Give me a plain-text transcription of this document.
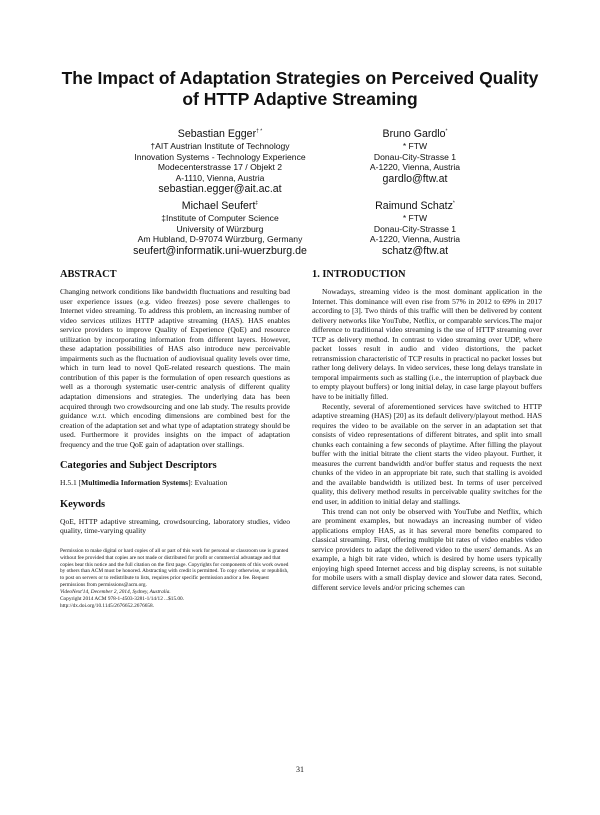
The Impact of Adaptation Strategies on Perceived Quality
of HTTP Adaptive Streaming
Sebastian Egger† *
†AIT Austrian Institute of Technology
Innovation Systems - Technology Experience
Modecenterstrasse 17 / Objekt 2
A-1110, Vienna, Austria
sebastian.egger@ait.ac.at
Bruno Gardlo*
* FTW
Donau-City-Strasse 1
A-1220, Vienna, Austria
gardlo@ftw.at
Michael Seufert‡
‡Institute of Computer Science
University of Würzburg
Am Hubland, D-97074 Würzburg, Germany
seufert@informatik.uni-wuerzburg.de
Raimund Schatz*
* FTW
Donau-City-Strasse 1
A-1220, Vienna, Austria
schatz@ftw.at
ABSTRACT

Changing network conditions like bandwidth fluctuations and resulting bad user experience issues (e.g. video freezes) pose severe challenges to Internet video streaming. To address this problem, an increasing number of video services utilizes HTTP adaptive streaming (HAS). HAS enables service providers to improve Quality of Experience (QoE) and resource utilization by incorporating information from different layers. However, these adaptation possibilities of HAS also introduce new perceivable impairments such as the fluctuation of audiovisual quality levels over time, which in turn lead to novel QoE-related research questions. The main contribution of this paper is the formulation of open research questions as well as a thorough systematic user-centric analysis of different quality adaptation dimensions and strategies. The underlying data has been acquired through two crowdsourcing and one lab study. The results provide guidance w.r.t. which encoding dimensions are combined best for the creation of the adaptation set and what type of adaptation strategy should be used. Furthermore it provides insights on the impact of adaptation frequency and the true QoE gain of adaptation over stallings.

Categories and Subject Descriptors

H.5.1 [Multimedia Information Systems]: Evaluation

Keywords

QoE, HTTP adaptive streaming, crowdsourcing, laboratory studies, video quality, time-varying quality

Permission to make digital or hard copies of all or part of this work for personal or classroom use is granted without fee provided that copies are not made or distributed for profit or commercial advantage and that copies bear this notice and the full citation on the first page. Copyrights for components of this work owned by others than ACM must be honored. Abstracting with credit is permitted. To copy otherwise, or republish, to post on servers or to redistribute to lists, requires prior specific permission and/or a fee. Request permissions from permissions@acm.org.
VideoNext'14, December 2, 2014, Sydney, Australia.
Copyright 2014 ACM 978-1-4503-3281-1/14/12 ...$15.00.
http://dx.doi.org/10.1145/2676652.2676658.
1. INTRODUCTION

Nowadays, streaming video is the most dominant application in the Internet. This dominance will even rise from 57% in 2012 to 69% in 2017 according to [3]. Two thirds of this traffic will then be delivered by content delivery networks like YouTube, Netflix, or comparable services.The major difference to traditional video streaming is the use of HTTP streaming over TCP as delivery method. In contrast to video streaming over UDP, where packet losses result in audio and video distortions, the packet retransmission characteristic of TCP results in practical no packet losses but rather long delivery delays. In video services, these long delays translate in temporal impairments such as stalling (i.e., the interruption of playback due to empty playout buffers) or long initial delay, in case large playout buffers have to be initially filled.

Recently, several of aforementioned services have switched to HTTP adaptive streaming (HAS) [20] as its default delivery/playout method. HAS requires the video to be available on the server in an adaptation set that consists of video representations of different bitrates, and split into small chunks each containing a few seconds of playtime. After filling the playout buffer with the initial bitrate the client starts the video playout. Further, it measures the current bandwidth and/or buffer status and requests the next chunks of the video in an appropriate bit rate, such that stalling is avoided and the available bandwidth is utilized best. In terms of user perceived quality, this delivery method results in perceivable quality switches for the end user, in addition to initial delay and stallings.

This trend can not only be observed with YouTube and Netflix, which are prominent examples, but nowadays an increasing number of video applications employ HAS, as it has several more benefits compared to classical streaming. First, offering multiple bit rates of video enables video service providers to adapt the delivered video to the users' demands. As an example, a high bit rate video, which is desired by home users typically enjoying high speed Internet access and big display screens, is not suitable for mobile users with a small display device and slower data rates. Second, different service levels and/or pricing schemes can

31
